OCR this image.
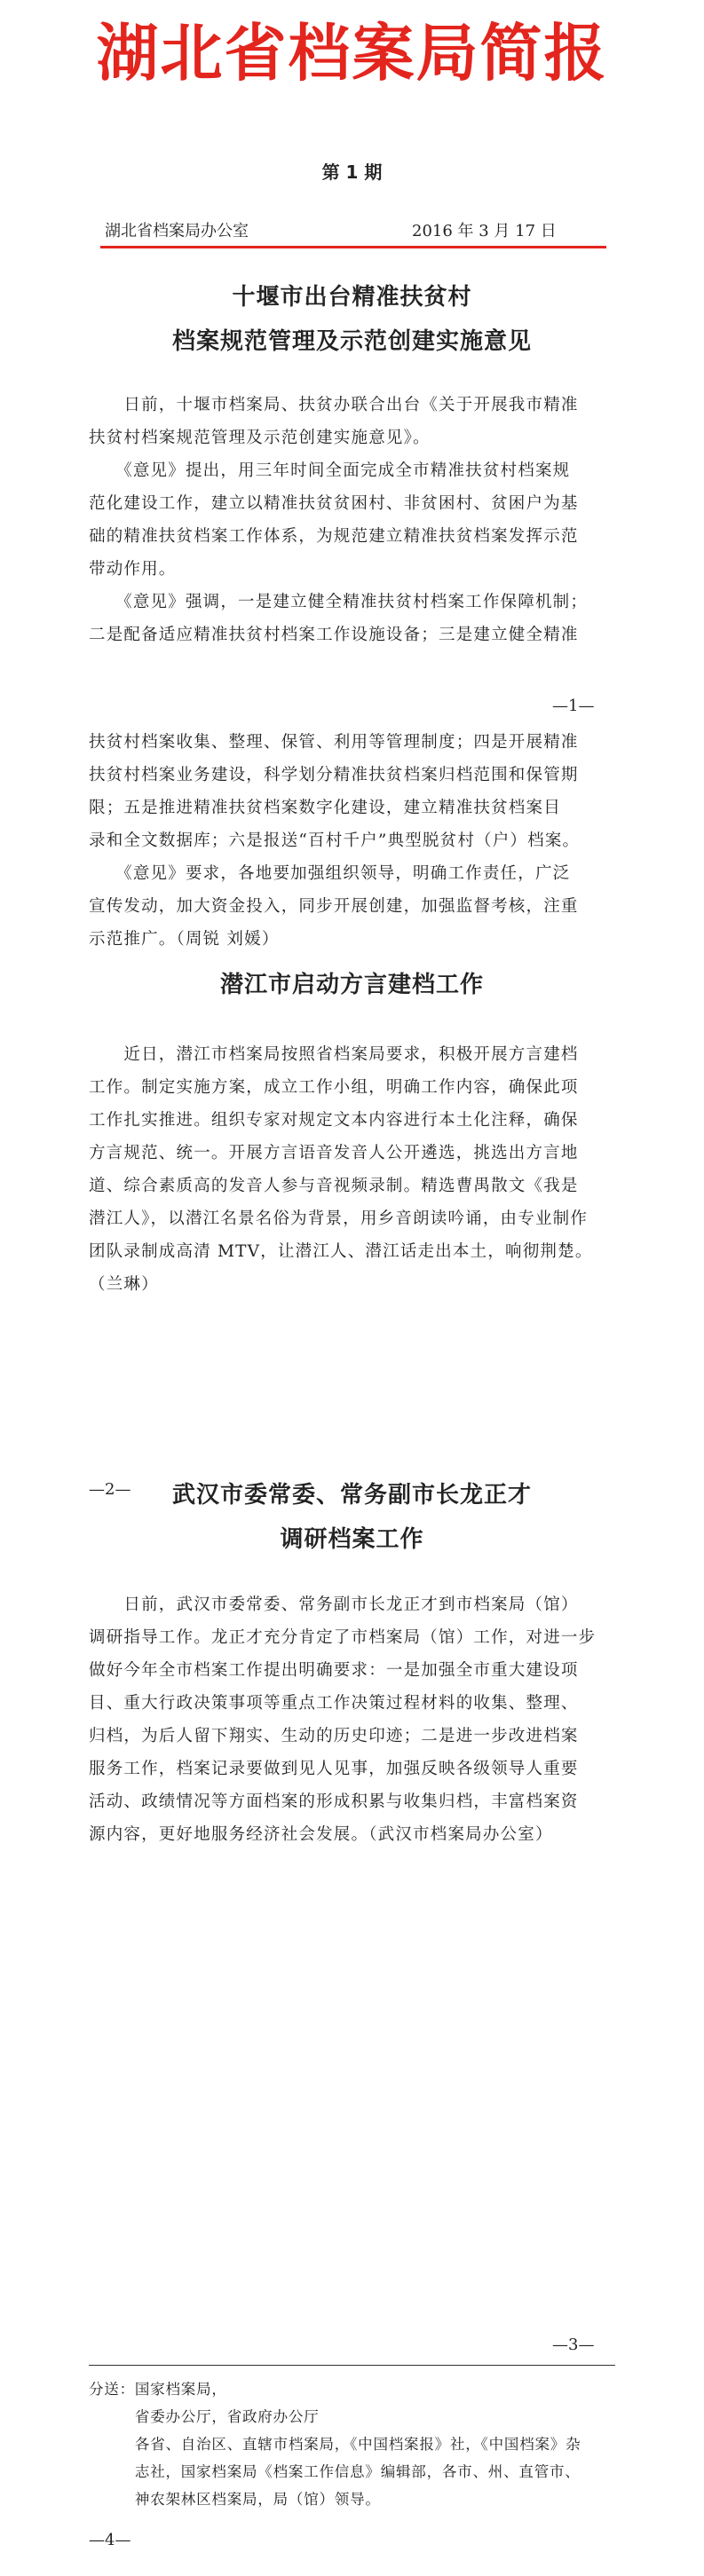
湖北省档案局简报
第 1 期
湖北省档案局办公室	2016 年 3 月 17 日
十堰市出台精准扶贫村
档案规范管理及示范创建实施意见
　　日前，十堰市档案局、扶贫办联合出台《关于开展我市精准
扶贫村档案规范管理及示范创建实施意见》。
　　《意见》提出，用三年时间全面完成全市精准扶贫村档案规
范化建设工作，建立以精准扶贫贫困村、非贫困村、贫困户为基
础的精准扶贫档案工作体系，为规范建立精准扶贫档案发挥示范
带动作用。
　　《意见》强调，一是建立健全精准扶贫村档案工作保障机制；
二是配备适应精准扶贫村档案工作设施设备；三是建立健全精准
—1—
扶贫村档案收集、整理、保管、利用等管理制度；四是开展精准
扶贫村档案业务建设，科学划分精准扶贫档案归档范围和保管期
限；五是推进精准扶贫档案数字化建设，建立精准扶贫档案目
录和全文数据库；六是报送“百村千户”典型脱贫村（户）档案。
　　《意见》要求，各地要加强组织领导，明确工作责任，广泛
宣传发动，加大资金投入，同步开展创建，加强监督考核，注重
示范推广。（周锐 刘媛）
潜江市启动方言建档工作
　　近日，潜江市档案局按照省档案局要求，积极开展方言建档
工作。制定实施方案，成立工作小组，明确工作内容，确保此项
工作扎实推进。组织专家对规定文本内容进行本土化注释，确保
方言规范、统一。开展方言语音发音人公开遴选，挑选出方言地
道、综合素质高的发音人参与音视频录制。精选曹禺散文《我是
潜江人》，以潜江名景名俗为背景，用乡音朗读吟诵，由专业制作
团队录制成高清 MTV，让潜江人、潜江话走出本土，响彻荆楚。
（兰琳）
—2—	武汉市委常委、常务副市长龙正才
调研档案工作
　　日前，武汉市委常委、常务副市长龙正才到市档案局（馆）
调研指导工作。龙正才充分肯定了市档案局（馆）工作，对进一步
做好今年全市档案工作提出明确要求：一是加强全市重大建设项
目、重大行政决策事项等重点工作决策过程材料的收集、整理、
归档，为后人留下翔实、生动的历史印迹；二是进一步改进档案
服务工作，档案记录要做到见人见事，加强反映各级领导人重要
活动、政绩情况等方面档案的形成积累与收集归档，丰富档案资
源内容，更好地服务经济社会发展。（武汉市档案局办公室）
—3—
分送：国家档案局，
　　　省委办公厅，省政府办公厅
　　　各省、自治区、直辖市档案局，《中国档案报》社，《中国档案》杂
　　　志社，国家档案局《档案工作信息》编辑部，各市、州、直管市、
　　　神农架林区档案局，局（馆）领导。
—4—
